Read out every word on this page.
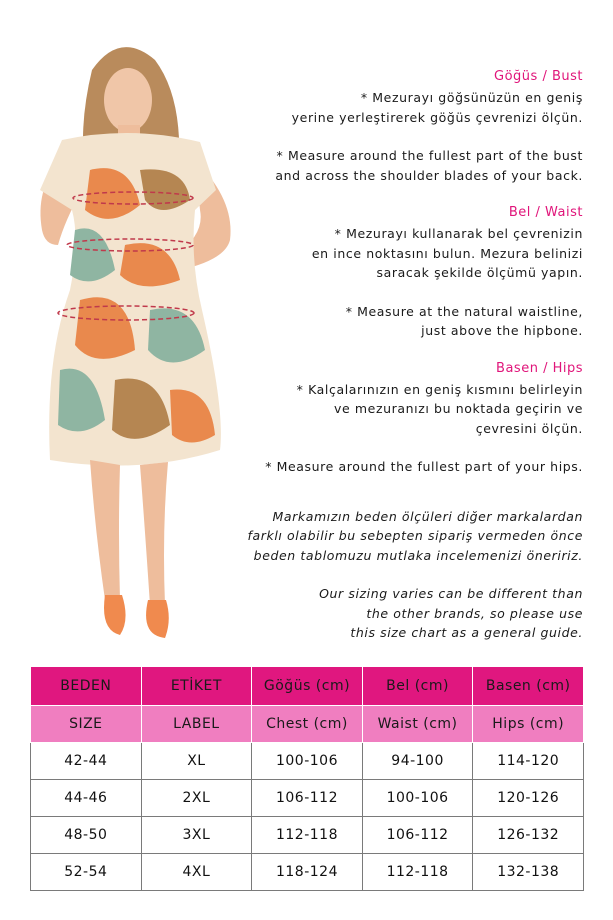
Göğüs / Bust

* Mezurayı göğsünüzün en geniş

yerine yerleştirerek göğüs çevrenizi ölçün.

* Measure around the fullest part of the bust

and across the shoulder blades of your back.

Bel / Waist

* Mezurayı kullanarak bel çevrenizin

en ince noktasını bulun. Mezura belinizi

saracak şekilde ölçümü yapın.

* Measure at the natural waistline,

just above the hipbone.

Basen / Hips

* Kalçalarınızın en geniş kısmını belirleyin

ve mezuranızı bu noktada geçirin ve

çevresini ölçün.

* Measure around the fullest part of your hips.

Markamızın beden ölçüleri diğer markalardan

farklı olabilir bu sebepten sipariş vermeden önce

beden tablomuzu mutlaka incelemenizi öneririz.

Our sizing varies can be different than

the other brands, so please use

this size chart as a general guide.

BEDEN	ETİKET	Göğüs (cm)	Bel (cm)	Basen (cm)
SIZE	LABEL	Chest (cm)	Waist (cm)	Hips (cm)
42-44	XL	100-106	94-100	114-120
44-46	2XL	106-112	100-106	120-126
48-50	3XL	112-118	106-112	126-132
52-54	4XL	118-124	112-118	132-138
